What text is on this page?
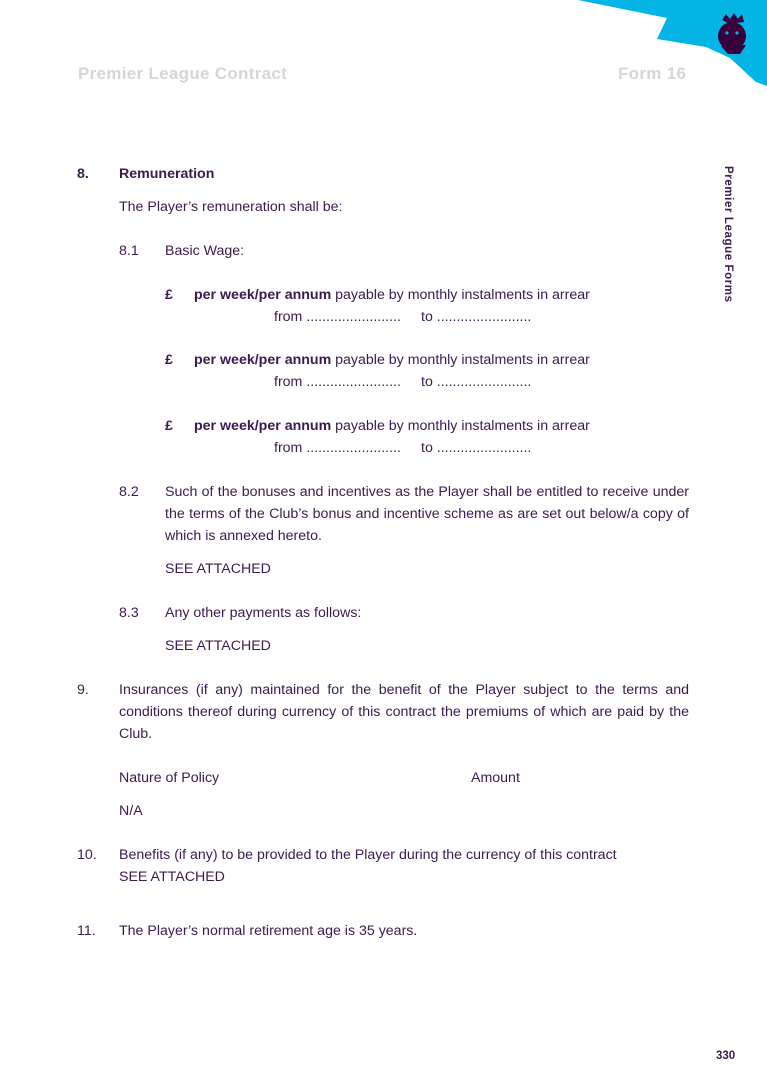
Premier League Contract	Form 16
Premier League Forms
8. Remuneration
The Player’s remuneration shall be:
8.1 Basic Wage:
£ per week/per annum payable by monthly instalments in arrear
from ........................ to ........................
£ per week/per annum payable by monthly instalments in arrear
from ........................ to ........................
£ per week/per annum payable by monthly instalments in arrear
from ........................ to ........................
8.2 Such of the bonuses and incentives as the Player shall be entitled to receive under the terms of the Club’s bonus and incentive scheme as are set out below/a copy of which is annexed hereto.
SEE ATTACHED
8.3 Any other payments as follows:
SEE ATTACHED
9. Insurances (if any) maintained for the benefit of the Player subject to the terms and conditions thereof during currency of this contract the premiums of which are paid by the Club.
Nature of Policy	Amount
N/A
10. Benefits (if any) to be provided to the Player during the currency of this contract
SEE ATTACHED
11. The Player’s normal retirement age is 35 years.
330
